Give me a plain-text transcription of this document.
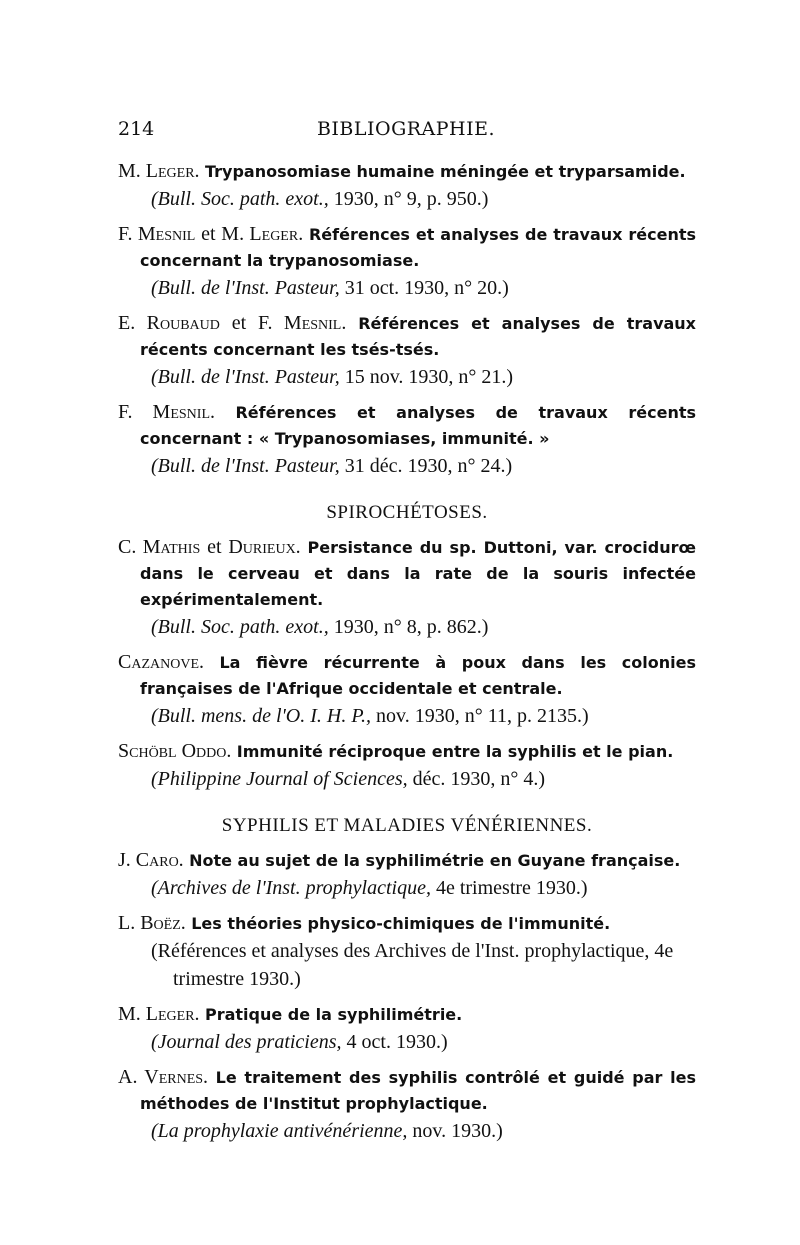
214	BIBLIOGRAPHIE.
M. Leger. Trypanosomiase humaine méningée et tryparsamide.
(Bull. Soc. path. exot., 1930, n° 9, p. 950.)
F. Mesnil et M. Leger. Références et analyses de travaux récents concernant la trypanosomiase.
(Bull. de l'Inst. Pasteur, 31 oct. 1930, n° 20.)
E. Roubaud et F. Mesnil. Références et analyses de travaux récents concernant les tsés-tsés.
(Bull. de l'Inst. Pasteur, 15 nov. 1930, n° 21.)
F. Mesnil. Références et analyses de travaux récents concernant : « Trypanosomiases, immunité. »
(Bull. de l'Inst. Pasteur, 31 déc. 1930, n° 24.)
SPIROCHÉTOSES.
C. Mathis et Durieux. Persistance du sp. Duttoni, var. crocidurœ dans le cerveau et dans la rate de la souris infectée expérimentalement.
(Bull. Soc. path. exot., 1930, n° 8, p. 862.)
Cazanove. La fièvre récurrente à poux dans les colonies françaises de l'Afrique occidentale et centrale.
(Bull. mens. de l'O. I. H. P., nov. 1930, n° 11, p. 2135.)
Schöbl Oddo. Immunité réciproque entre la syphilis et le pian.
(Philippine Journal of Sciences, déc. 1930, n° 4.)
SYPHILIS ET MALADIES VÉNÉRIENNES.
J. Caro. Note au sujet de la syphilimétrie en Guyane française.
(Archives de l'Inst. prophylactique, 4e trimestre 1930.)
L. Boëz. Les théories physico-chimiques de l'immunité.
(Références et analyses des Archives de l'Inst. prophylactique, 4e trimestre 1930.)
M. Leger. Pratique de la syphilimétrie.
(Journal des praticiens, 4 oct. 1930.)
A. Vernes. Le traitement des syphilis contrôlé et guidé par les méthodes de l'Institut prophylactique.
(La prophylaxie antivénérienne, nov. 1930.)
